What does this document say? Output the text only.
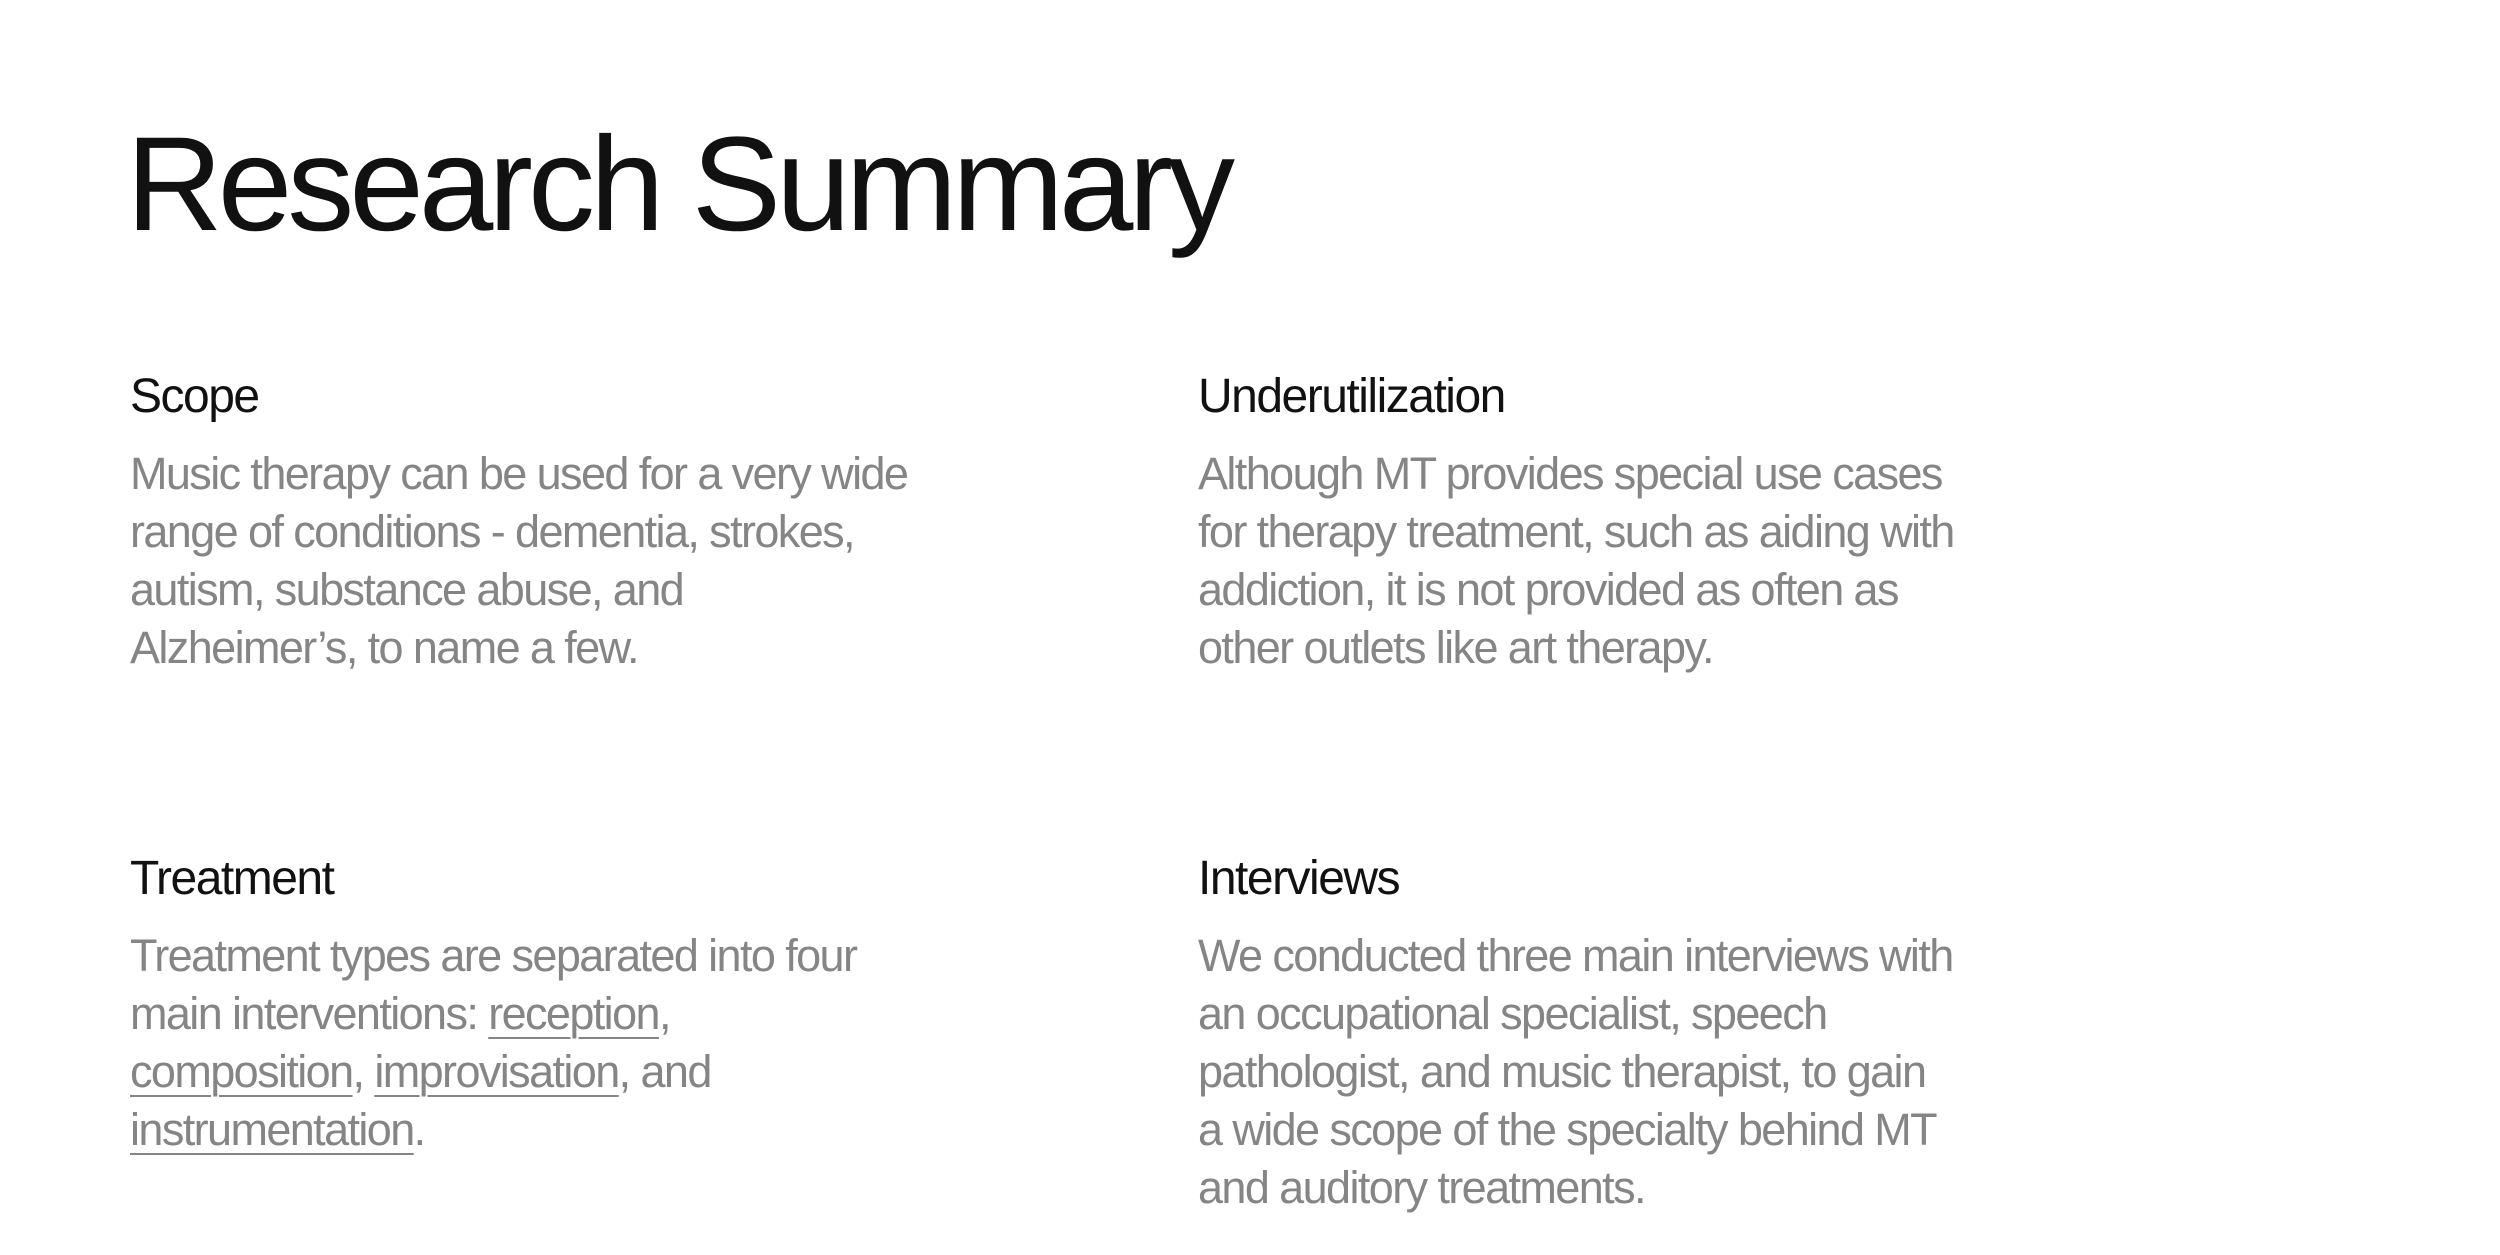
Research Summary
Scope

Music therapy can be used for a very wide
range of conditions - dementia, strokes,
autism, substance abuse, and
Alzheimer’s, to name a few.

Underutilization

Although MT provides special use cases
for therapy treatment, such as aiding with
addiction, it is not provided as often as
other outlets like art therapy.

Treatment

Treatment types are separated into four
main interventions: reception,
composition, improvisation, and
instrumentation.

Interviews

We conducted three main interviews with
an occupational specialist, speech
pathologist, and music therapist, to gain
a wide scope of the specialty behind MT
and auditory treatments.
